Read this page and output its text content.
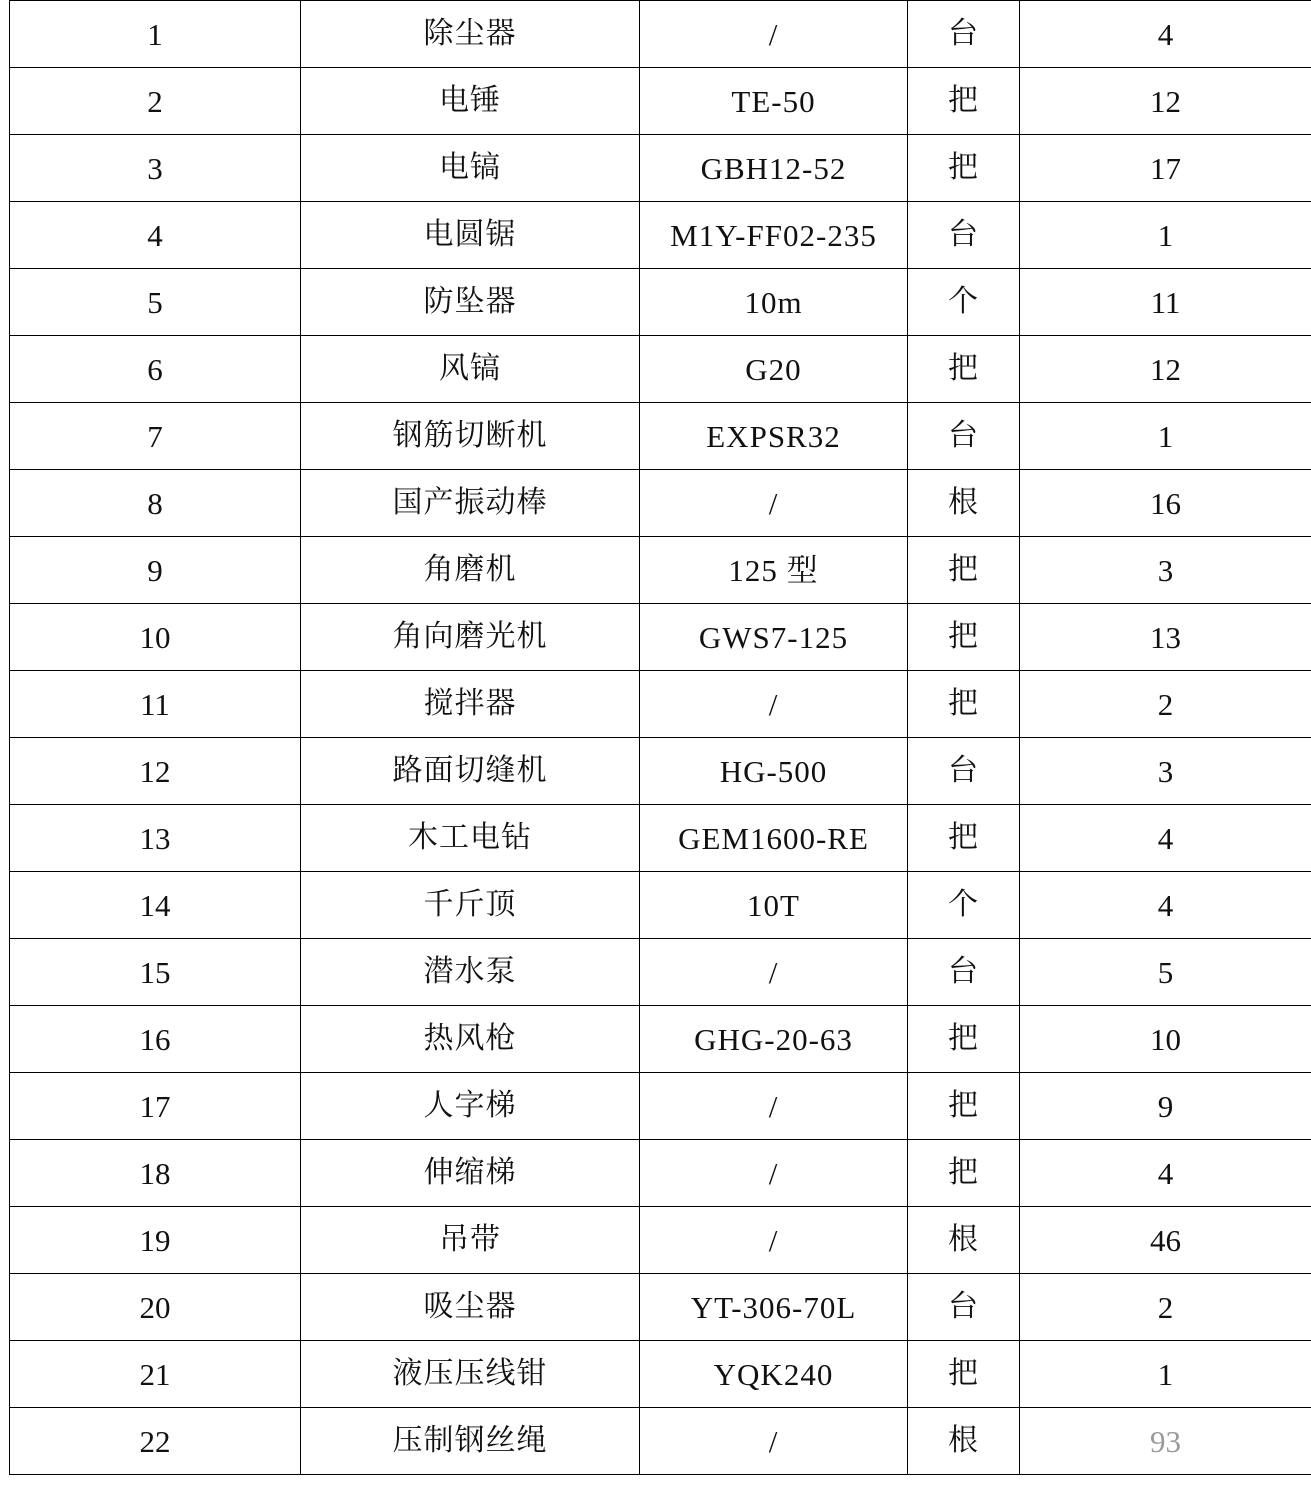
1	除尘器	/	台	4
2	电锤	TE-50	把	12
3	电镐	GBH12-52	把	17
4	电圆锯	M1Y-FF02-235	台	1
5	防坠器	10m	个	11
6	风镐	G20	把	12
7	钢筋切断机	EXPSR32	台	1
8	国产振动棒	/	根	16
9	角磨机	125 型	把	3
10	角向磨光机	GWS7-125	把	13
11	搅拌器	/	把	2
12	路面切缝机	HG-500	台	3
13	木工电钻	GEM1600-RE	把	4
14	千斤顶	10T	个	4
15	潜水泵	/	台	5
16	热风枪	GHG-20-63	把	10
17	人字梯	/	把	9
18	伸缩梯	/	把	4
19	吊带	/	根	46
20	吸尘器	YT-306-70L	台	2
21	液压压线钳	YQK240	把	1
22	压制钢丝绳	/	根	93
